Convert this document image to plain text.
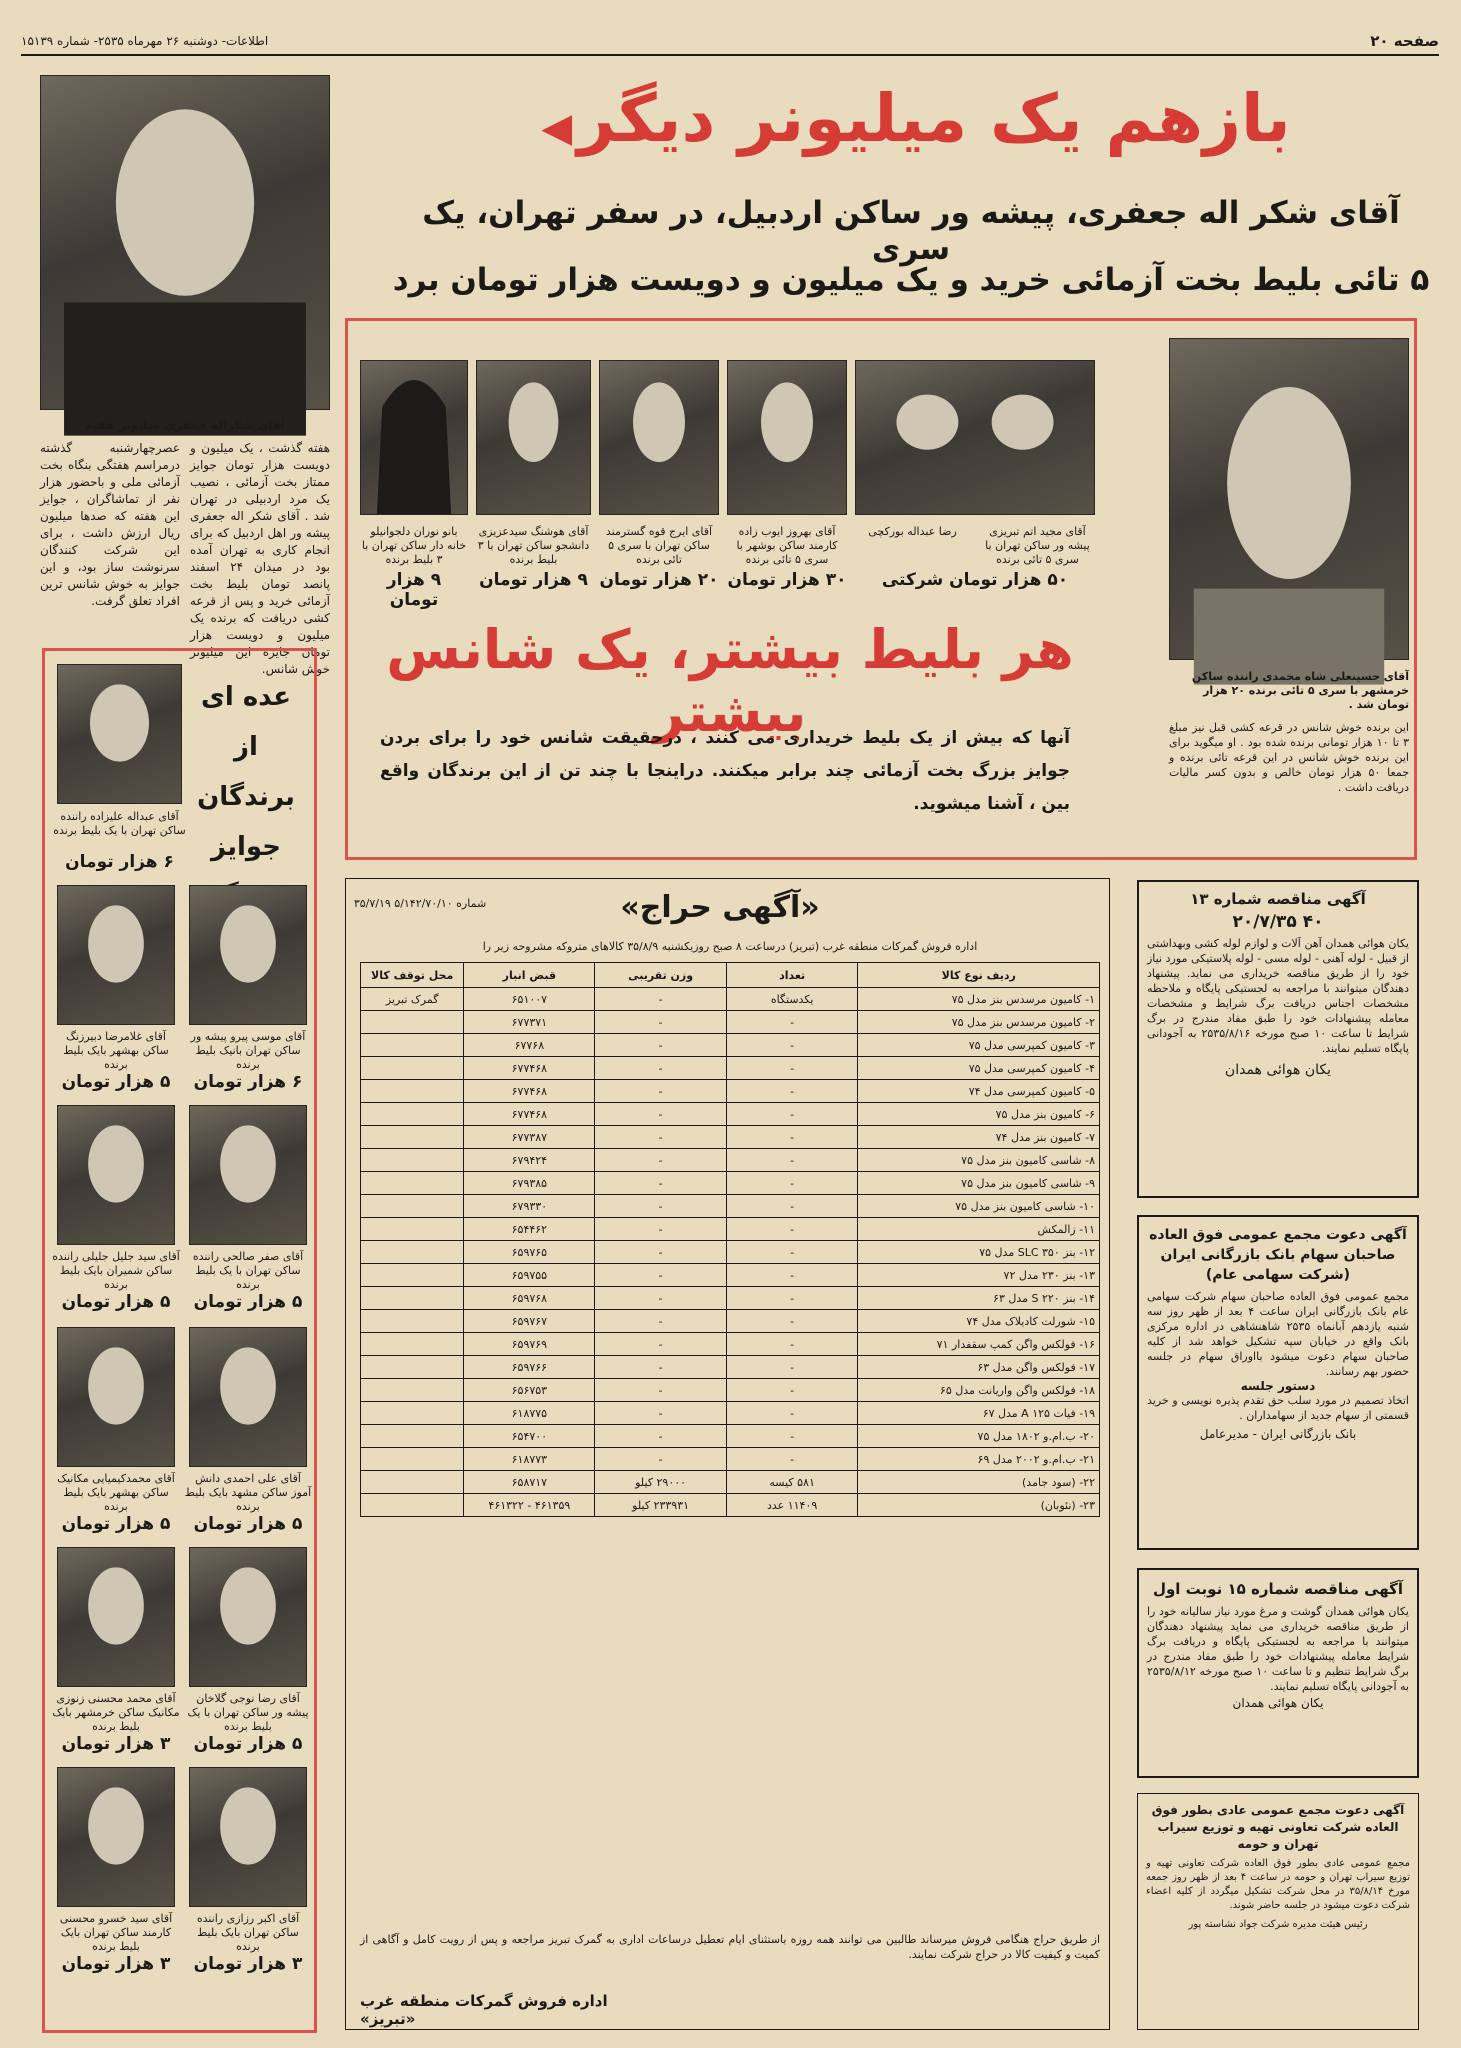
صفحه ۲۰
اطلاعات- دوشنبه ۲۶ مهرماه ۲۵۳۵- شماره ۱۵۱۳۹
بازهم یک میلیونر دیگر ◀
آقای شکر اله جعفری، پیشه ور ساکن اردبیل، در سفر تهران، یک سری
۵ تائی بلیط بخت آزمائی خرید و یک میلیون و دویست هزار تومان برد
آقای شکراله جعفری میلیونر هفته
هفته گذشت ، یک میلیون و دویست هزار تومان جوایز ممتاز بخت آزمائی ، نصیب یک مرد اردبیلی در تهران شد . آقای شکر اله جعفری پیشه ور اهل اردبیل که برای انجام کاری به تهران آمده بود در میدان ۲۴ اسفند پانصد تومان بلیط بخت آزمائی خرید و پس از قرعه کشی دریافت که برنده یک میلیون و دویست هزار تومان جایزه این میلیونر خوش شانس.
عصرچهارشنبه گذشته درمراسم هفتگی بنگاه بخت آزمائی ملی و باحضور هزار نفر از تماشاگران ، جوایز این هفته که صدها میلیون ریال ارزش داشت ، برای این شرکت کنندگان سرنوشت ساز بود، و این جوایز به خوش شانس ترین افراد تعلق گرفت.
آقای مجید اتم تبریزی پیشه ور ساکن تهران با سری ۵ تائی برنده
رضا عبداله بورکچی
آقای بهروز ایوب زاده کارمند ساکن بوشهر با سری ۵ تائی برنده
آقای ایرج قوه گسترمند ساکن تهران با سری ۵ تائی برنده
آقای هوشنگ سیدعزیزی دانشجو ساکن تهران با ۳ بلیط برنده
بانو نوران دلجوانیلو خانه دار ساکن تهران با ۳ بلیط برنده
۵۰ هزار تومان شرکتی
۳۰ هزار تومان
۲۰ هزار تومان
۹ هزار تومان
۹ هزار تومان
آقای حسینعلی شاه محمدی راننده ساکن خرمشهر با سری ۵ تائی برنده ۲۰ هزار تومان شد .
این برنده خوش شانس در قرعه کشی قبل نیز مبلغ ۳ تا ۱۰ هزار تومانی برنده شده بود . او میگوید برای این برنده خوش شانس در این قرعه تائی برنده و جمعا ۵۰ هزار تومان خالص و بدون کسر مالیات دریافت داشت .
هر بلیط بیشتر، یک شانس بیشتر
آنها که بیش از یک بلیط خریداری می کنند ، درحقیقت شانس خود را برای بردن جوایز بزرگ بخت آزمائی چند برابر میکنند. دراینجا با چند تن از این برندگان واقع بین ، آشنا میشوید.
عده ای از برندگان جوایز
آقای عبداله علیزاده راننده ساکن تهران با یک بلیط برنده
۶ هزار تومان
آقای موسی پیرو پیشه ور ساکن تهران بانیک بلیط برنده
آقای غلامرضا دبیرزنگ ساکن بهشهر بایک بلیط برنده
۶ هزار تومان
۵ هزار تومان
آقای صفر صالحی راننده ساکن تهران با یک بلیط برنده
آقای سید جلیل جلیلی راننده ساکن شمیران بایک بلیط برنده
۵ هزار تومان
۵ هزار تومان
آقای علی احمدی دانش آموز ساکن مشهد بایک بلیط برنده
آقای محمدکیمیایی مکانیک ساکن بهشهر بایک بلیط برنده
۵ هزار تومان
۵ هزار تومان
آقای رضا نوجی گلاخان پیشه ور ساکن تهران با یک بلیط برنده
آقای محمد محسنی زنوزی مکانیک ساکن خرمشهر بایک بلیط برنده
۵ هزار تومان
۳ هزار تومان
آقای اکبر رزازی راننده ساکن تهران بایک بلیط برنده
آقای سید خسرو محسنی کارمند ساکن تهران بایک بلیط برنده
۳ هزار تومان
۳ هزار تومان
«آگهی حراج»
شماره ۵/۱۴۲/۷۰/۱۰ ۳۵/۷/۱۹
اداره فروش گمرکات منطقه غرب (تبریز) درساعت ۸ صبح روزیکشنبه ۳۵/۸/۹ کالاهای متروکه مشروحه زیر را
ردیف نوع کالا	تعداد	وزن تقریبی	قبض انبار	محل توقف کالا
۱- کامیون مرسدس بنز مدل ۷۵	یکدستگاه	-	۶۵۱۰۰۷	گمرک تبریز
۲- کامیون مرسدس بنز مدل ۷۵	-	-	۶۷۷۳۷۱	
۳- کامیون کمپرسی مدل ۷۵	-	-	۶۷۷۶۸	
۴- کامیون کمپرسی مدل ۷۵	-	-	۶۷۷۴۶۸	
۵- کامیون کمپرسی مدل ۷۴	-	-	۶۷۷۴۶۸	
۶- کامیون بنز مدل ۷۵	-	-	۶۷۷۴۶۸	
۷- کامیون بنز مدل ۷۴	-	-	۶۷۷۳۸۷	
۸- شاسی کامیون بنز مدل ۷۵	-	-	۶۷۹۴۲۴	
۹- شاسی کامیون بنز مدل ۷۵	-	-	۶۷۹۳۸۵	
۱۰- شاسی کامیون بنز مدل ۷۵	-	-	۶۷۹۳۳۰	
۱۱- زالمکش	-	-	۶۵۴۴۶۲	
۱۲- بنز ۳۵۰ SLC مدل ۷۵	-	-	۶۵۹۷۶۵	
۱۳- بنز ۲۳۰ مدل ۷۲	-	-	۶۵۹۷۵۵	
۱۴- بنز ۲۲۰ S مدل ۶۳	-	-	۶۵۹۷۶۸	
۱۵- شورلت کادیلاک مدل ۷۴	-	-	۶۵۹۷۶۷	
۱۶- فولکس واگن کمپ سقفدار ۷۱	-	-	۶۵۹۷۶۹	
۱۷- فولکس واگن مدل ۶۳	-	-	۶۵۹۷۶۶	
۱۸- فولکس واگن واریانت مدل ۶۵	-	-	۶۵۶۷۵۳	
۱۹- فیات A ۱۲۵ مدل ۶۷	-	-	۶۱۸۷۷۵	
۲۰- ب.ام.و ۱۸۰۲ مدل ۷۵	-	-	۶۵۴۷۰۰	
۲۱- ب.ام.و ۲۰۰۲ مدل ۶۹	-	-	۶۱۸۷۷۳	
۲۲- (سود جامد)	۵۸۱ کیسه	۲۹۰۰۰ کیلو	۶۵۸۷۱۷	
۲۳- (نئوبان)	۱۱۴۰۹ عدد	۲۳۳۹۳۱ کیلو	۴۶۱۳۵۹ - ۴۶۱۳۲۲	
از طریق حراج هنگامی فروش میرساند طالبین می توانند همه روزه باستثنای ایام تعطیل درساعات اداری به گمرک تبریز مراجعه و پس از رویت کامل و آگاهی از کمیت و کیفیت کالا در حراج شرکت نمایند.
اداره فروش گمرکات منطقه غرب «تبریز»
آگهی مناقصه شماره ۱۳
۴۰ ۲۰/۷/۳۵
یکان هوائی همدان آهن آلات و لوازم لوله کشی وبهداشتی از قبیل - لوله آهنی - لوله مسی - لوله پلاستیکی مورد نیاز خود را از طریق مناقصه خریداری می نماید. پیشنهاد دهندگان میتوانند با مراجعه به لجستیکی پایگاه و ملاحظه مشخصات اجناس دریافت برگ شرایط و مشخصات معامله پیشنهادات خود را طبق مفاد مندرج در برگ شرایط تا ساعت ۱۰ صبح مورخه ۲۵۳۵/۸/۱۶ به آجودانی پایگاه تسلیم نمایند.
یکان هوائی همدان
آگهی دعوت مجمع عمومی فوق العاده صاحبان سهام بانک بازرگانی ایران (شرکت سهامی عام)
مجمع عمومی فوق العاده صاحبان سهام شرکت سهامی عام بانک بازرگانی ایران ساعت ۴ بعد از ظهر روز سه شنبه یازدهم آبانماه ۲۵۳۵ شاهنشاهی در اداره مرکزی بانک واقع در خیابان سپه تشکیل خواهد شد از کلیه صاحبان سهام دعوت میشود بااوراق سهام در جلسه حضور بهم رسانند.
دستور جلسه
اتخاذ تصمیم در مورد سلب حق تقدم پذیره نویسی و خرید قسمتی از سهام جدید از سهامداران .
بانک بازرگانی ایران - مدیرعامل
آگهی مناقصه شماره ۱۵ نوبت اول
یکان هوائی همدان گوشت و مرغ مورد نیاز سالیانه خود را از طریق مناقصه خریداری می نماید پیشنهاد دهندگان میتوانند با مراجعه به لجستیکی پایگاه و دریافت برگ شرایط معامله پیشنهادات خود را طبق مفاد مندرج در برگ شرایط تنظیم و تا ساعت ۱۰ صبح مورخه ۲۵۳۵/۸/۱۲ به آجودانی پایگاه تسلیم نمایند.
یکان هوائی همدان
آگهی دعوت مجمع عمومی عادی بطور فوق العاده شرکت تعاونی تهیه و توزیع سیراب تهران و حومه
مجمع عمومی عادی بطور فوق العاده شرکت تعاونی تهیه و توزیع سیراب تهران و حومه در ساعت ۴ بعد از ظهر روز جمعه مورخ ۳۵/۸/۱۴ در محل شرکت تشکیل میگردد از کلیه اعضاء شرکت دعوت میشود در جلسه حاضر شوند.
رئیس هیئت مدیره شرکت جواد نشاسته پور
